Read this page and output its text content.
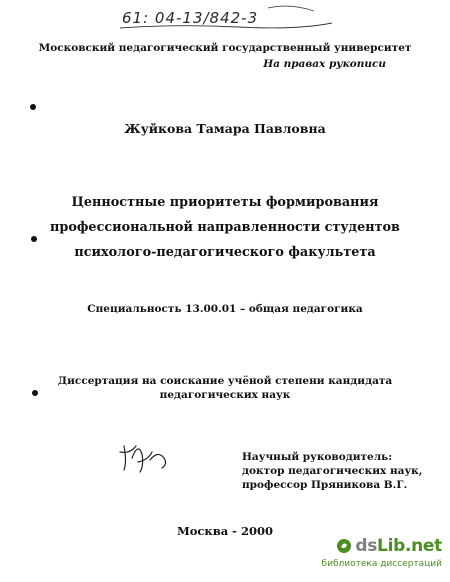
61: 04-13/842-3
Московский педагогический государственный университет
На правах рукописи
Жуйкова Тамара Павловна
Ценностные приоритеты формирования
профессиональной направленности студентов
психолого-педагогического факультета
Специальность 13.00.01 – общая педагогика
Диссертация на соискание учёной степени кандидата
педагогических наук
Научный руководитель:
доктор педагогических наук,
профессор Пряникова В.Г.
Москва - 2000
dsLib.net
библиотека диссертаций
